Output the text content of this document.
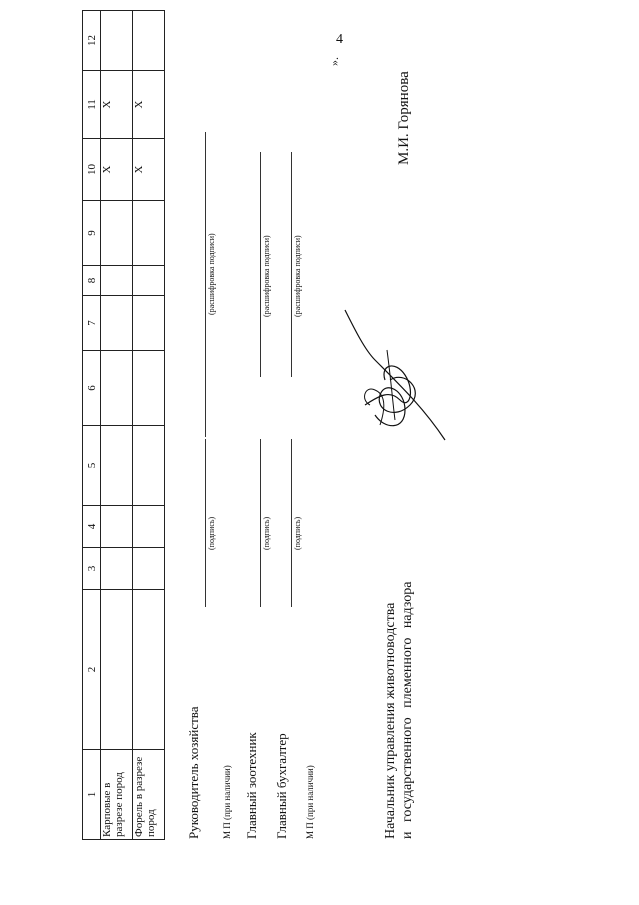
4
1	2	3	4	5	6	7	8	9	10	11	12
Карповые в разрезе пород									X	X	
Форель в разрезе пород									X	X	
Руководитель хозяйства
(подпись)
(расшифровка подписи)
М П (при наличии) Главный зоотехник
(подпись)
(расшифровка подписи)
Главный бухгалтер
(подпись)
(расшифровка подписи)
М П (при наличии)	Начальник управления животноводства и государственного племенного надзора
М.И. Горянова
».
